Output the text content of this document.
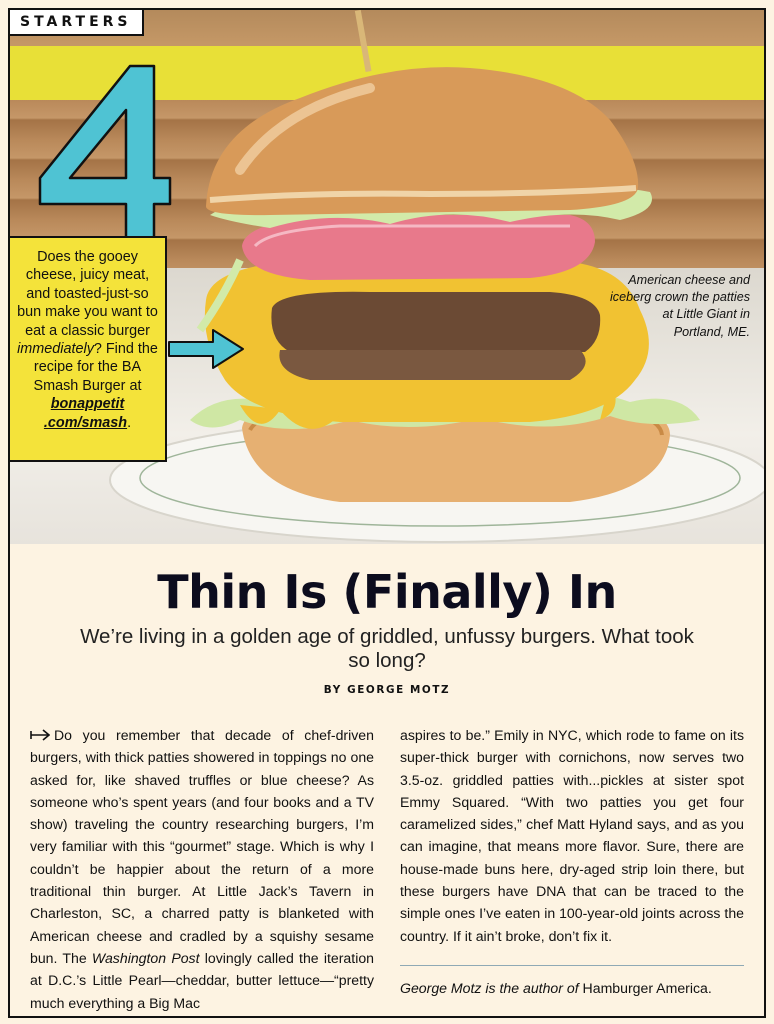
STARTERS
Does the gooey cheese, juicy meat, and toasted-just-so bun make you want to eat a classic burger immediately? Find the recipe for the BA Smash Burger at bonappetit .com/smash.
American cheese and iceberg crown the patties at Little Giant in Portland, ME.
Thin Is (Finally) In
We’re living in a golden age of griddled, unfussy burgers. What took so long?
BY GEORGE MOTZ

Do you remember that decade of chef-driven burgers, with thick patties showered in toppings no one asked for, like shaved truffles or blue cheese? As someone who’s spent years (and four books and a TV show) traveling the country researching burgers, I’m very familiar with this “gourmet” stage. Which is why I couldn’t be happier about the return of a more traditional thin burger. At Little Jack’s Tavern in Charleston, SC, a charred patty is blanketed with American cheese and cradled by a squishy sesame bun. The Washington Post lovingly called the iteration at D.C.’s Little Pearl—cheddar, butter lettuce—“pretty much everything a Big Mac

aspires to be.” Emily in NYC, which rode to fame on its super-thick burger with cornichons, now serves two 3.5-oz. griddled patties with...pickles at sister spot Emmy Squared. “With two patties you get four caramelized sides,” chef Matt Hyland says, and as you can imagine, that means more flavor. Sure, there are house-made buns here, dry-aged strip loin there, but these burgers have DNA that can be traced to the simple ones I’ve eaten in 100-year-old joints across the country. If it ain’t broke, don’t fix it.

George Motz is the author of Hamburger America.
